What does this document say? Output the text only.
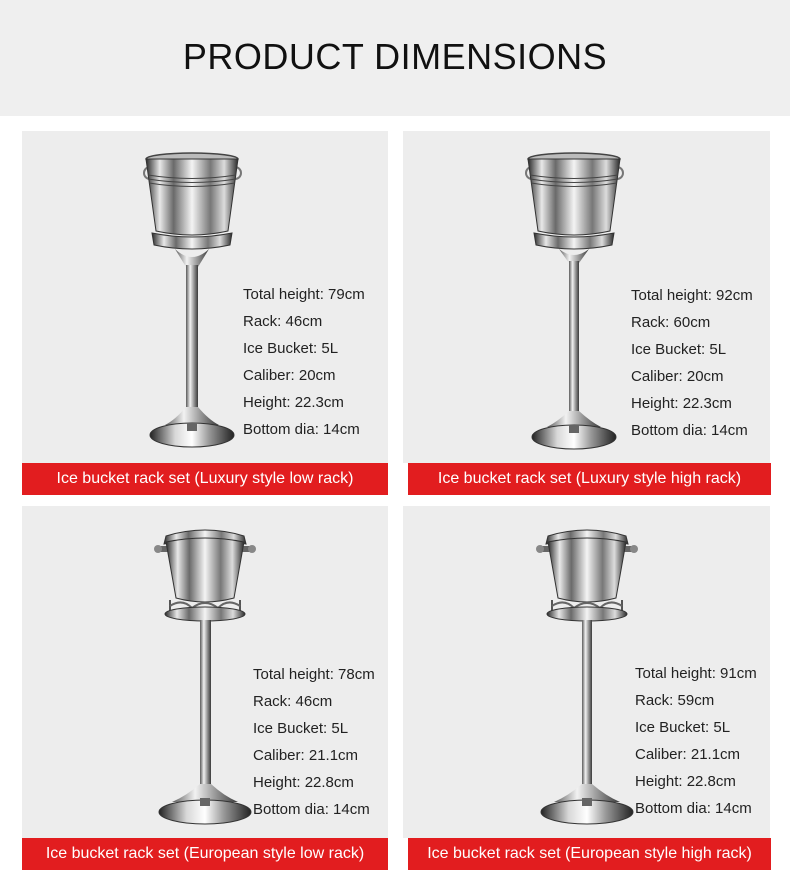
PRODUCT DIMENSIONS
Total height: 79cm
Rack: 46cm
Ice Bucket: 5L
Caliber: 20cm
Height: 22.3cm
Bottom dia: 14cm
Total height: 92cm
Rack: 60cm
Ice Bucket: 5L
Caliber: 20cm
Height: 22.3cm
Bottom dia: 14cm
Total height: 78cm
Rack: 46cm
Ice Bucket: 5L
Caliber: 21.1cm
Height: 22.8cm
Bottom dia: 14cm
Total height: 91cm
Rack: 59cm
Ice Bucket: 5L
Caliber: 21.1cm
Height: 22.8cm
Bottom dia: 14cm
Ice bucket rack set (Luxury style low rack)	Ice bucket rack set (Luxury style high rack)
Ice bucket rack set (European style low rack)	Ice bucket rack set (European style high rack)
